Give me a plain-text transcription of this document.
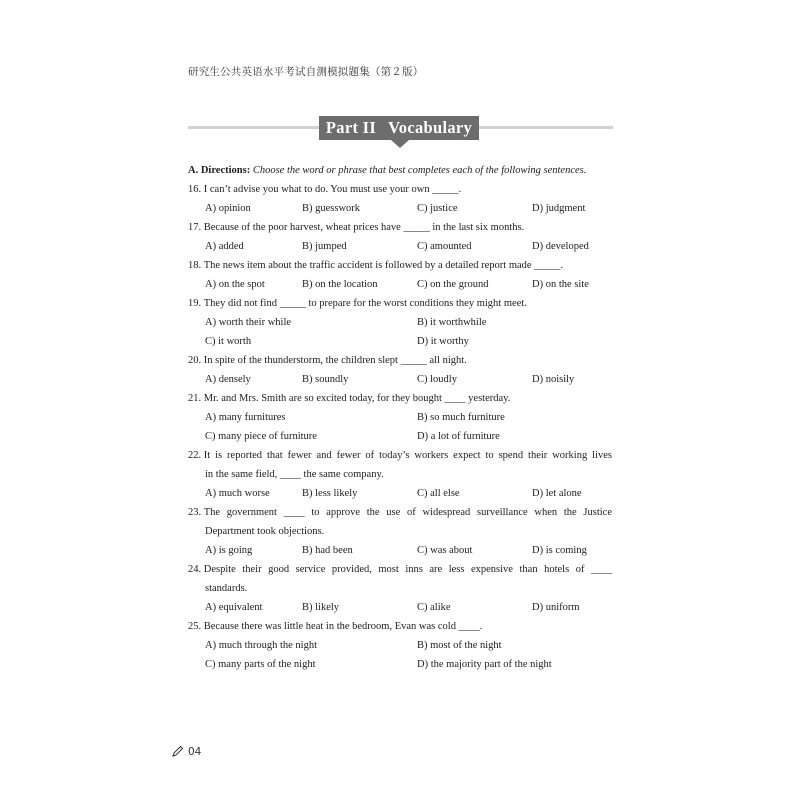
研究生公共英语水平考试自测模拟题集（第２版）
Part II Vocabulary
A. Directions: Choose the word or phrase that best completes each of the following sentences.
16.
I can’t advise you what to do. You must use your own _____.
A) opinion	B) guesswork	C) justice	D) judgment
17.
Because of the poor harvest, wheat prices have _____ in the last six months.
A) added	B) jumped	C) amounted	D) developed
18.
The news item about the traffic accident is followed by a detailed report made _____.
A) on the spot	B) on the location	C) on the ground	D) on the site
19.
They did not find _____ to prepare for the worst conditions they might meet.
A) worth their while	B) it worthwhile
C) it worth	D) it worthy
20.
In spite of the thunderstorm, the children slept _____ all night.
A) densely	B) soundly	C) loudly	D) noisily
21.
Mr. and Mrs. Smith are so excited today, for they bought ____ yesterday.
A) many furnitures	B) so much furniture
C) many piece of furniture	D) a lot of furniture
22.
It is reported that fewer and fewer of today’s workers expect to spend their working lives
in the same field, ____ the same company.
A) much worse	B) less likely	C) all else	D) let alone
23.
The government ____ to approve the use of widespread surveillance when the Justice
Department took objections.
A) is going	B) had been	C) was about	D) is coming
24.
Despite their good service provided, most inns are less expensive than hotels of ____
standards.
A) equivalent	B) likely	C) alike	D) uniform
25.
Because there was little heat in the bedroom, Evan was cold ____.
A) much through the night	B) most of the night
C) many parts of the night	D) the majority part of the night
04
